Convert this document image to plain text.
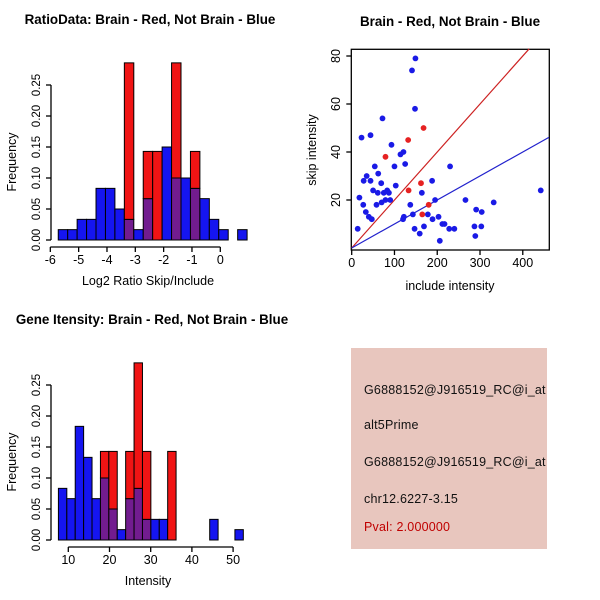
-6 -5 -4 -3 -2 -1 0
0.00
0.05
0.10
0.15
0.20
0.25
RatioData: Brain - Red, Not Brain - Blue
Log2 Ratio Skip/Include
Frequency
0 100 200 300 400
20
40
60
80
Brain - Red, Not Brain - Blue
include intensity
skip intensity
10 20 30 40 50
0.00
0.05
0.10
0.15
0.20
0.25
Gene Itensity: Brain - Red, Not Brain - Blue
Intensity
Frequency
G6888152@J916519_RC@i_at
alt5Prime
G6888152@J916519_RC@i_at
chr12.6227-3.15
Pval: 2.000000
